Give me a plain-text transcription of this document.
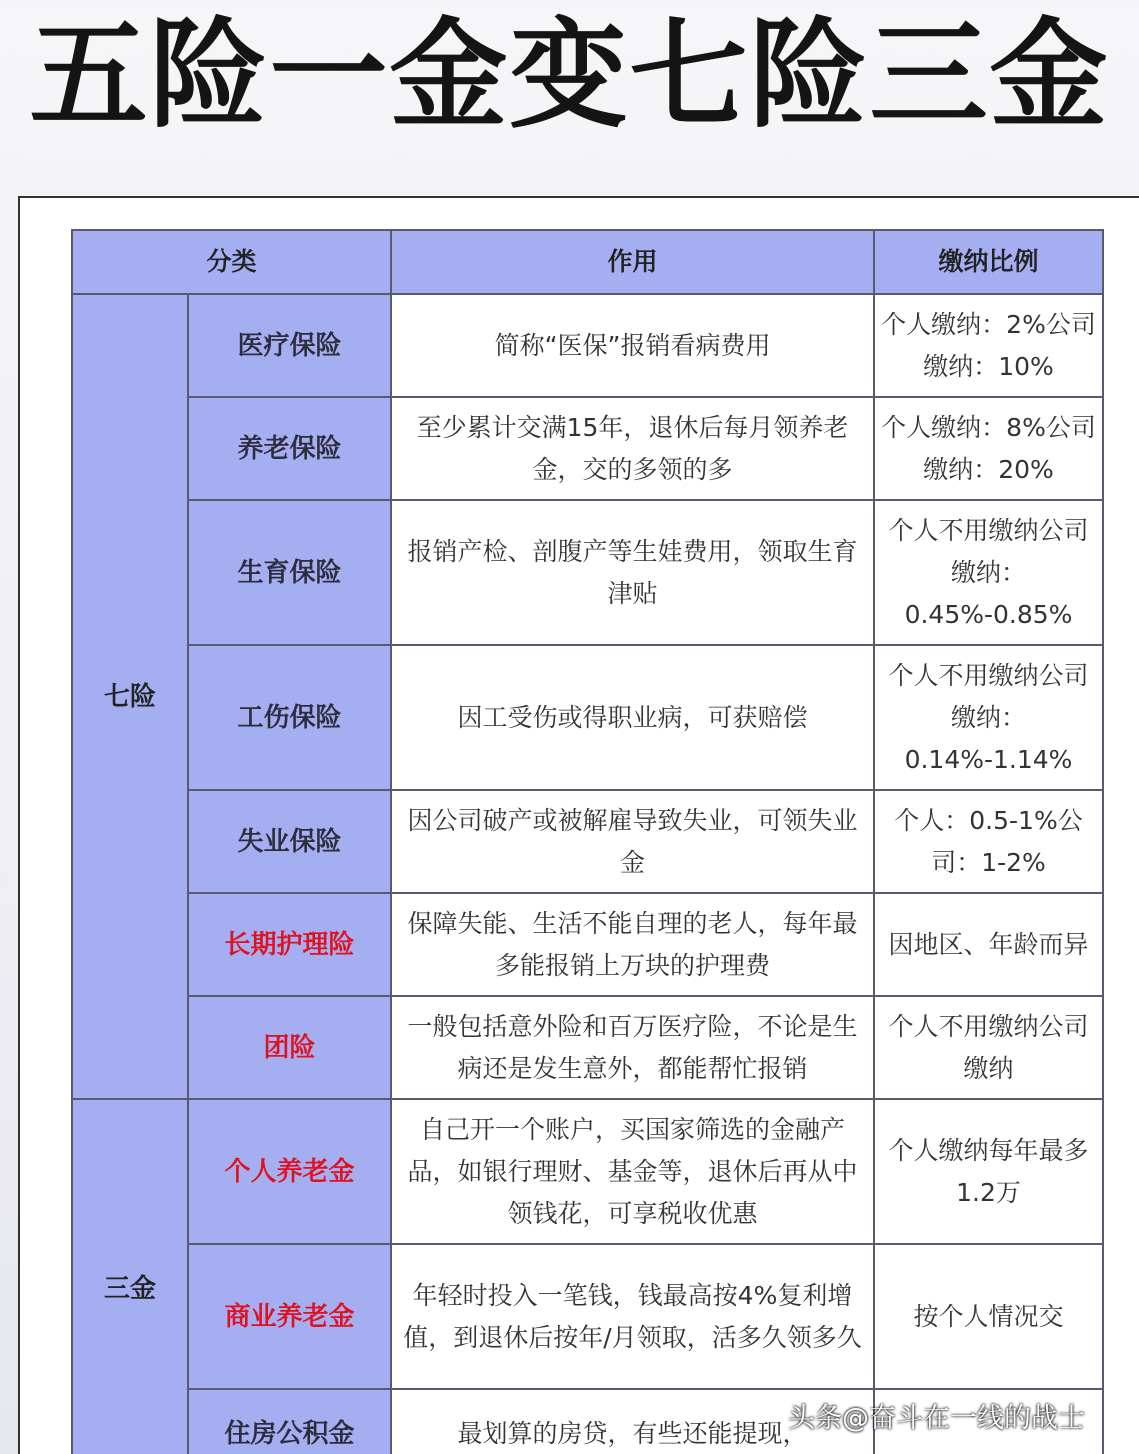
五险一金变七险三金
分类		作用	缴纳比例
七险	医疗保险	简称“医保”报销看病费用	个人缴纳：2%公司缴纳：10%
	养老保险	至少累计交满15年，退休后每月领养老金，交的多领的多	个人缴纳：8%公司缴纳：20%
	生育保险	报销产检、剖腹产等生娃费用，领取生育津贴	个人不用缴纳公司缴纳：0.45%-0.85%
	工伤保险	因工受伤或得职业病，可获赔偿	个人不用缴纳公司缴纳：0.14%-1.14%
	失业保险	因公司破产或被解雇导致失业，可领失业金	个人：0.5-1%公司：1-2%
	长期护理险	保障失能、生活不能自理的老人，每年最多能报销上万块的护理费	因地区、年龄而异
	团险	一般包括意外险和百万医疗险，不论是生病还是发生意外，都能帮忙报销	个人不用缴纳公司缴纳
三金	个人养老金	自己开一个账户，买国家筛选的金融产品，如银行理财、基金等，退休后再从中领钱花，可享税收优惠	个人缴纳每年最多1.2万
	商业养老金	年轻时投入一笔钱，钱最高按4%复利增值，到退休后按年/月领取，活多久领多久	按个人情况交
	住房公积金	最划算的房贷，有些还能提现，	
头条@奋斗在一线的战士
